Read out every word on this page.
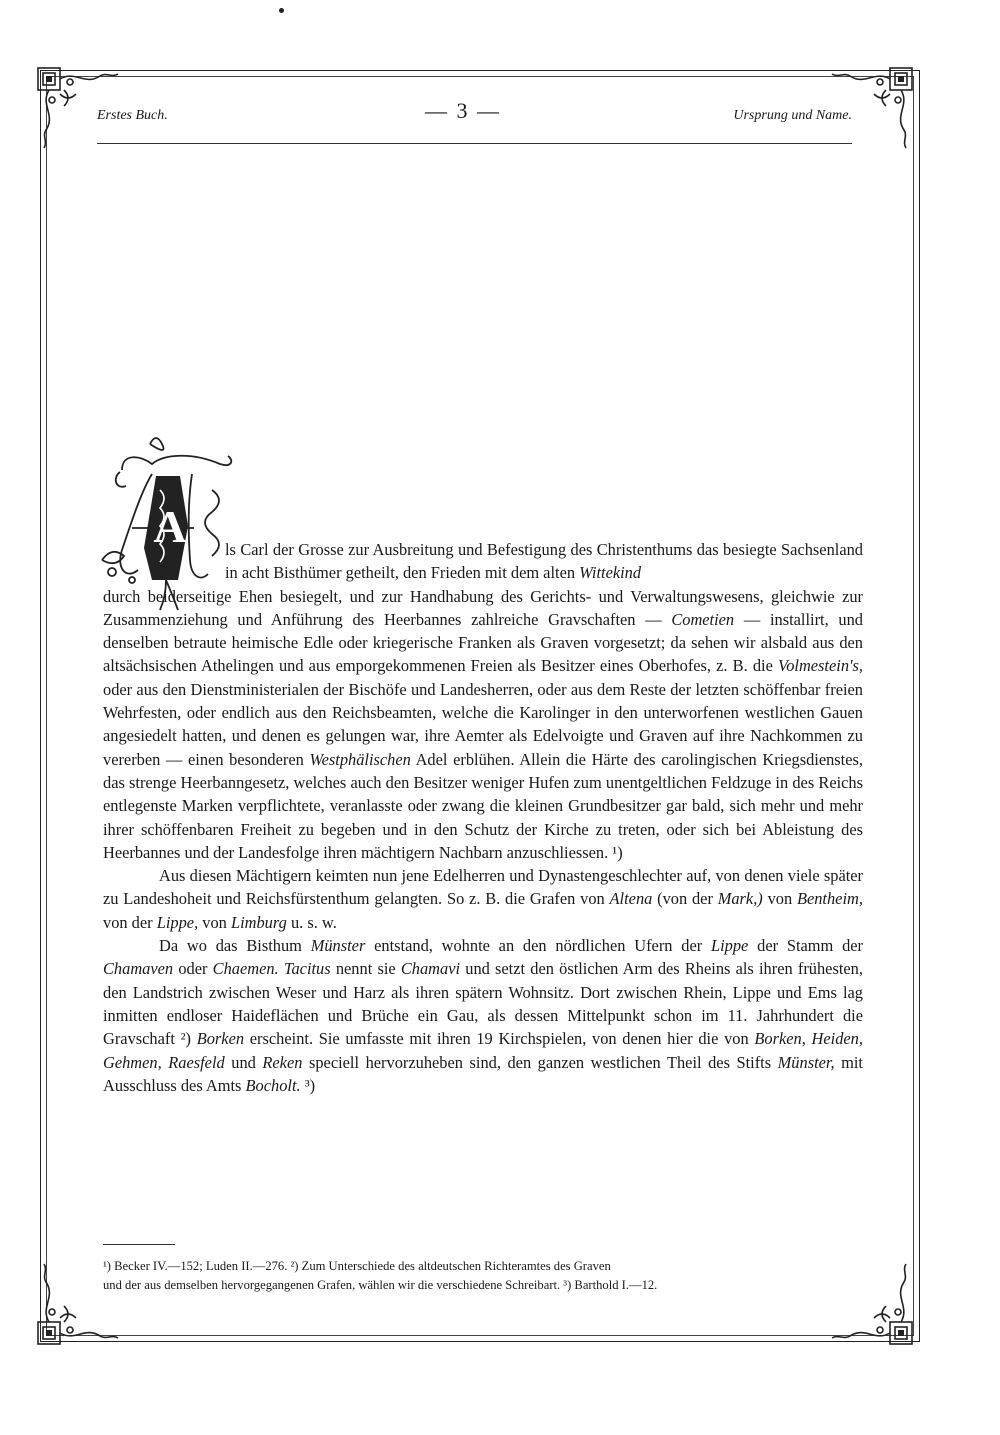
Erstes Buch.	— 3 —	Ursprung und Name.
A	ls Carl der Grosse zur Ausbreitung und Befestigung des Christenthums das besiegte Sachsenland in acht Bisthümer getheilt, den Frieden mit dem alten Wittekind
durch beiderseitige Ehen besiegelt, und zur Handhabung des Gerichts- und Verwaltungswesens, gleichwie zur Zusammenziehung und Anführung des Heerbannes zahlreiche Gravschaften — Cometien — installirt, und denselben betraute heimische Edle oder kriegerische Franken als Graven vorgesetzt; da sehen wir alsbald aus den altsächsischen Athelingen und aus emporgekommenen Freien als Besitzer eines Oberhofes, z. B. die Volmestein's, oder aus den Dienstministerialen der Bischöfe und Landesherren, oder aus dem Reste der letzten schöffenbar freien Wehrfesten, oder endlich aus den Reichsbeamten, welche die Karolinger in den unterworfenen westlichen Gauen angesiedelt hatten, und denen es gelungen war, ihre Aemter als Edelvoigte und Graven auf ihre Nachkommen zu vererben — einen besonderen Westphälischen Adel erblühen. Allein die Härte des carolingischen Kriegsdienstes, das strenge Heerbanngesetz, welches auch den Besitzer weniger Hufen zum unentgeltlichen Feldzuge in des Reichs entlegenste Marken verpflichtete, veranlasste oder zwang die kleinen Grundbesitzer gar bald, sich mehr und mehr ihrer schöffenbaren Freiheit zu begeben und in den Schutz der Kirche zu treten, oder sich bei Ableistung des Heerbannes und der Landesfolge ihren mächtigern Nachbarn anzuschliessen. ¹)

Aus diesen Mächtigern keimten nun jene Edelherren und Dynastengeschlechter auf, von denen viele später zu Landeshoheit und Reichsfürstenthum gelangten. So z. B. die Grafen von Altena (von der Mark,) von Bentheim, von der Lippe, von Limburg u. s. w.

Da wo das Bisthum Münster entstand, wohnte an den nördlichen Ufern der Lippe der Stamm der Chamaven oder Chaemen. Tacitus nennt sie Chamavi und setzt den östlichen Arm des Rheins als ihren frühesten, den Landstrich zwischen Weser und Harz als ihren spätern Wohnsitz. Dort zwischen Rhein, Lippe und Ems lag inmitten endloser Haideflächen und Brüche ein Gau, als dessen Mittelpunkt schon im 11. Jahrhundert die Gravschaft ²) Borken erscheint. Sie umfasste mit ihren 19 Kirchspielen, von denen hier die von Borken, Heiden, Gehmen, Raesfeld und Reken speciell hervorzuheben sind, den ganzen westlichen Theil des Stifts Münster, mit Ausschluss des Amts Bocholt. ³)

¹) Becker IV.—152; Luden II.—276. ²) Zum Unterschiede des altdeutschen Richteramtes des Graven

und der aus demselben hervorgegangenen Grafen, wählen wir die verschiedene Schreibart. ³) Barthold I.—12.
